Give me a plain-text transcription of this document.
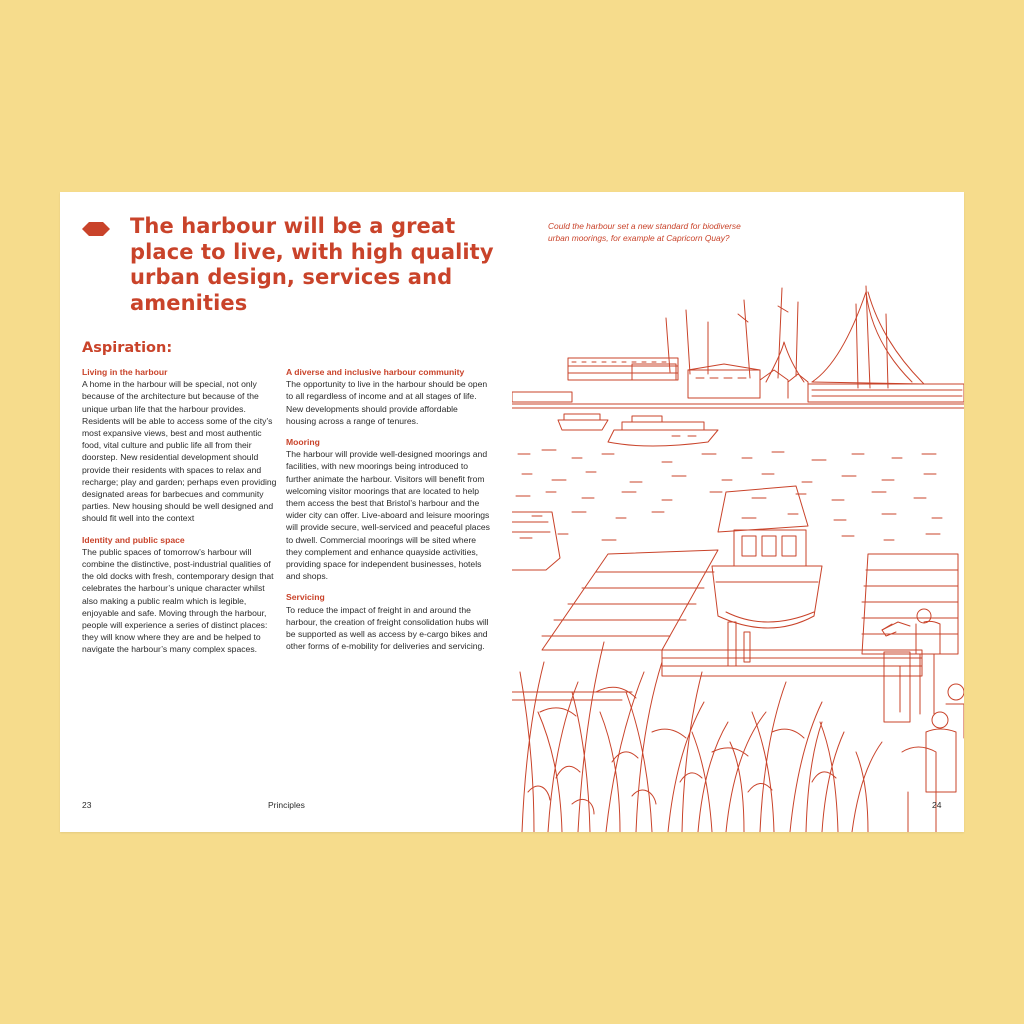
The harbour will be a great place to live, with high quality urban design, services and amenities
Aspiration:
Living in the harbour
A home in the harbour will be special, not only because of the architecture but because of the unique urban life that the harbour provides. Residents will be able to access some of the city’s most expansive views, best and most authentic food, vital culture and public life all from their doorstep. New residential development should provide their residents with spaces to relax and recharge; play and garden; perhaps even providing designated areas for barbecues and community parties. New housing should be well designed and should fit well into the context
Identity and public space
The public spaces of tomorrow’s harbour will combine the distinctive, post-industrial qualities of the old docks with fresh, contemporary design that celebrates the harbour’s unique character whilst also making a public realm which is legible, enjoyable and safe. Moving through the harbour, people will experience a series of distinct places: they will know where they are and be helped to navigate the harbour’s many complex spaces.
A diverse and inclusive harbour community
The opportunity to live in the harbour should be open to all regardless of income and at all stages of life. New developments should provide affordable housing across a range of tenures.
Mooring
The harbour will provide well-designed moorings and facilities, with new moorings being introduced to further animate the harbour. Visitors will benefit from welcoming visitor moorings that are located to help them access the best that Bristol’s harbour and the wider city can offer. Live-aboard and leisure moorings will provide secure, well-serviced and peaceful places to dwell. Commercial moorings will be sited where they complement and enhance quayside activities, providing space for independent businesses, hotels and shops.
Servicing
To reduce the impact of freight in and around the harbour, the creation of freight consolidation hubs will be supported as well as access by e-cargo bikes and other forms of e-mobility for deliveries and servicing.
23	Principles
Could the harbour set a new standard for biodiverse urban moorings, for example at Capricorn Quay?
24
